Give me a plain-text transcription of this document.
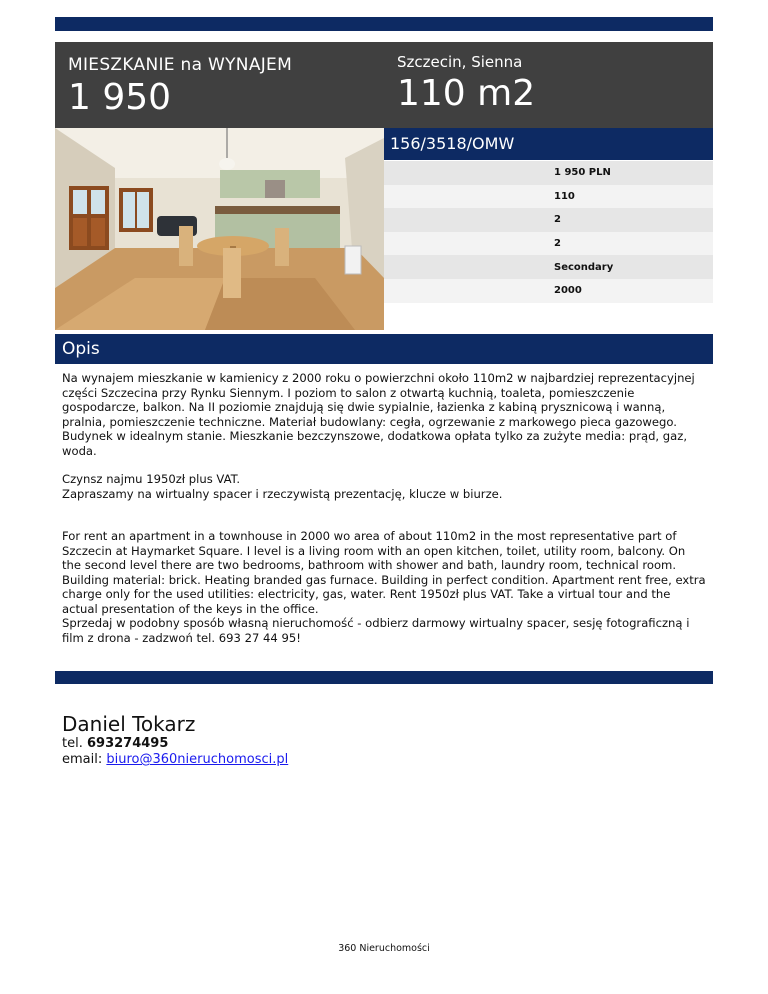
MIESZKANIE na WYNAJEM
1 950
Szczecin, Sienna
110 m2
156/3518/OMW
1 950 PLN
110
2
2
Secondary
2000
Opis

Na wynajem mieszkanie w kamienicy z 2000 roku o powierzchni około 110m2 w najbardziej reprezentacyjnej części Szczecina przy Rynku Siennym. I poziom to salon z otwartą kuchnią, toaleta, pomieszczenie gospodarcze, balkon. Na II poziomie znajdują się dwie sypialnie, łazienka z kabiną prysznicową i wanną, pralnia, pomieszczenie techniczne. Materiał budowlany: cegła, ogrzewanie z markowego pieca gazowego. Budynek w idealnym stanie. Mieszkanie bezczynszowe, dodatkowa opłata tylko za zużyte media: prąd, gaz, woda.

Czynsz najmu 1950zł plus VAT.
Zapraszamy na wirtualny spacer i rzeczywistą prezentację, klucze w biurze.

For rent an apartment in a townhouse in 2000 wo area of about 110m2 in the most representative part of Szczecin at Haymarket Square. I level is a living room with an open kitchen, toilet, utility room, balcony. On the second level there are two bedrooms, bathroom with shower and bath, laundry room, technical room. Building material: brick. Heating branded gas furnace. Building in perfect condition. Apartment rent free, extra charge only for the used utilities: electricity, gas, water. Rent 1950zł plus VAT. Take a virtual tour and the actual presentation of the keys in the office.
Sprzedaj w podobny sposób własną nieruchomość - odbierz darmowy wirtualny spacer, sesję fotograficzną i film z drona - zadzwoń tel. 693 27 44 95!

Daniel Tokarz
tel. 693274495
email: biuro@360nieruchomosci.pl
360 Nieruchomości
